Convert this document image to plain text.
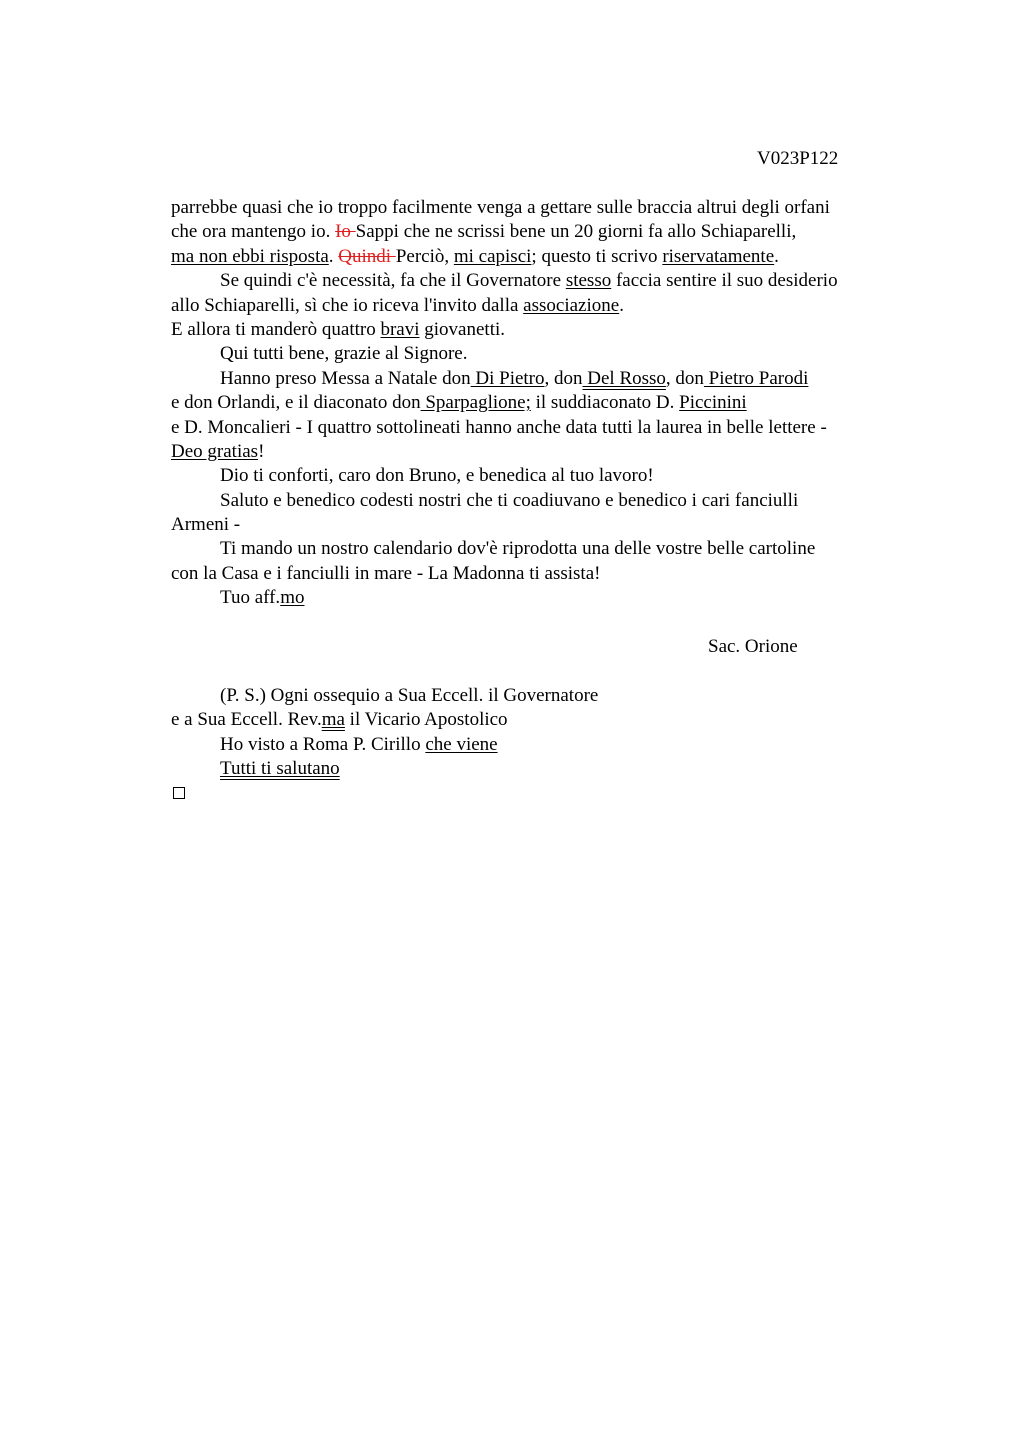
V023P122
parrebbe quasi che io troppo facilmente venga a gettare sulle braccia altrui degli orfani
che ora mantengo io. Io Sappi che ne scrissi bene un 20 giorni fa allo Schiaparelli,
ma non ebbi risposta. Quindi Perciò, mi capisci; questo ti scrivo riservatamente.
Se quindi c'è necessità, fa che il Governatore stesso faccia sentire il suo desiderio
allo Schiaparelli, sì che io riceva l'invito dalla associazione.
E allora ti manderò quattro bravi giovanetti.
Qui tutti bene, grazie al Signore.
Hanno preso Messa a Natale don Di Pietro, don Del Rosso, don Pietro Parodi
e don Orlandi, e il diaconato don Sparpaglione; il suddiaconato D. Piccinini
e D. Moncalieri - I quattro sottolineati hanno anche data tutti la laurea in belle lettere -
Deo gratias!
Dio ti conforti, caro don Bruno, e benedica al tuo lavoro!
Saluto e benedico codesti nostri che ti coadiuvano e benedico i cari fanciulli
Armeni -
Ti mando un nostro calendario dov'è riprodotta una delle vostre belle cartoline
con la Casa e i fanciulli in mare - La Madonna ti assista!
Tuo aff.mo
Sac. Orione
(P. S.) Ogni ossequio a Sua Eccell. il Governatore
e a Sua Eccell. Rev.ma il Vicario Apostolico
Ho visto a Roma P. Cirillo che viene
Tutti ti salutano
